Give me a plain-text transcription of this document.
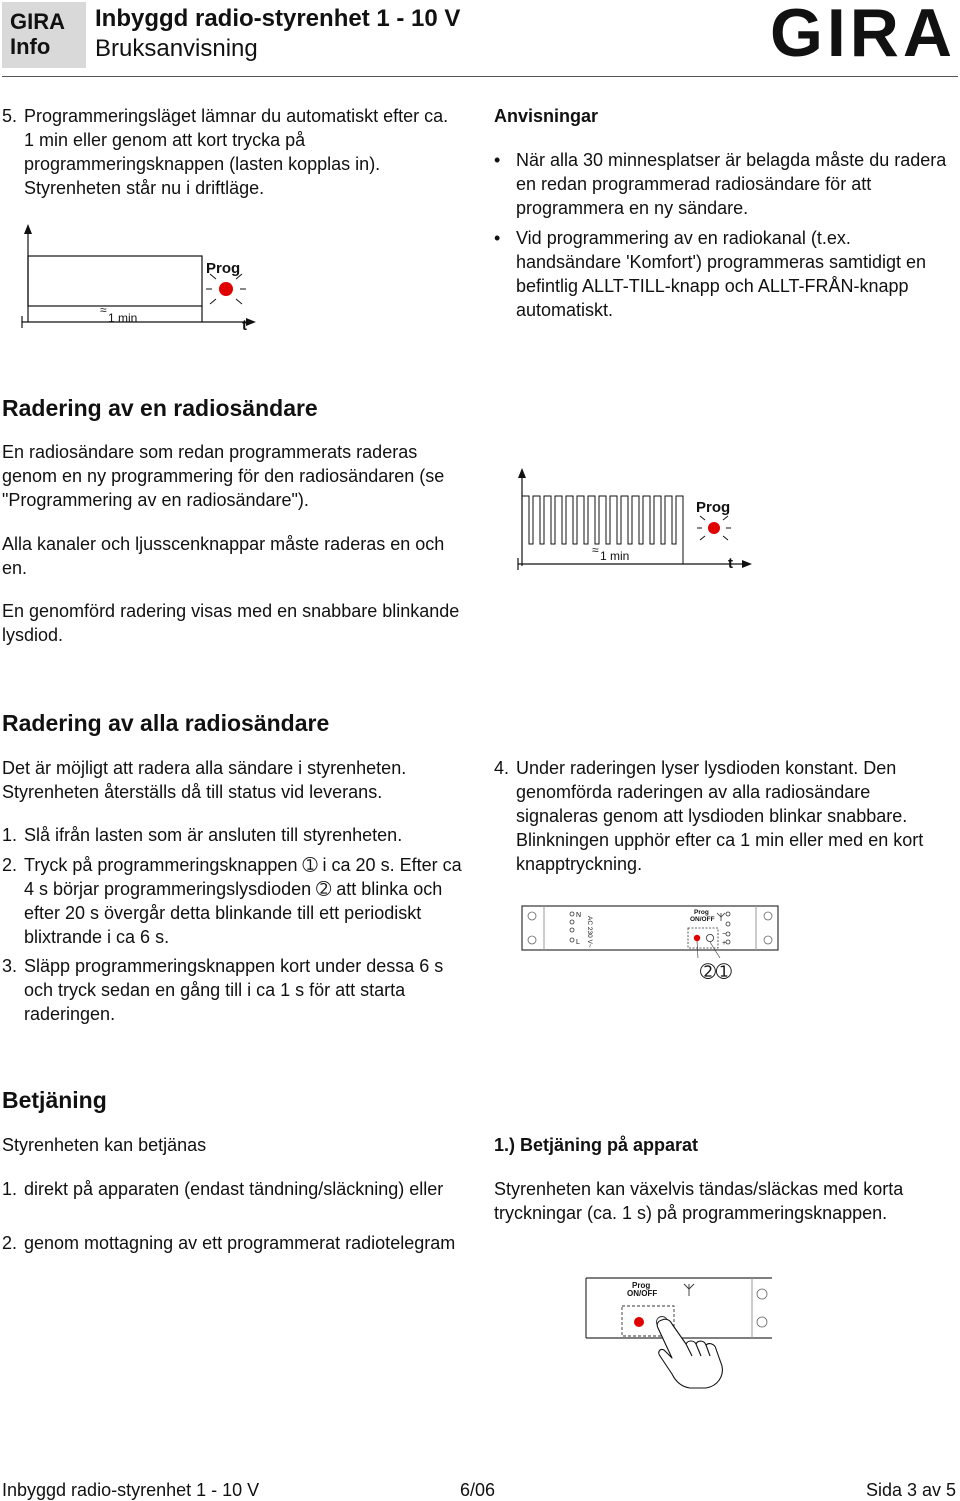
GIRA
Info
Inbyggd radio-styrenhet 1 - 10 V
Bruksanvisning	GIRA
5. Programmeringsläget lämnar du automatiskt efter ca. 1 min eller genom att kort trycka på programmeringsknappen (lasten kopplas in). Styrenheten står nu i driftläge.
≈
1 min
Prog
t
Anvisningar
• När alla 30 minnesplatser är belagda måste du radera en redan programmerad radiosändare för att programmera en ny sändare.
• Vid programmering av en radiokanal (t.ex. handsändare 'Komfort') programmeras samtidigt en befintlig ALLT-TILL-knapp och ALLT-FRÅN-knapp automatiskt.
Radering av en radiosändare
En radiosändare som redan programmerats raderas genom en ny programmering för den radiosändaren (se "Programmering av en radiosändare").
Alla kanaler och ljusscenknappar måste raderas en och en.
En genomförd radering visas med en snabbare blinkande lysdiod.
≈ 1 min
Prog
t
Radering av alla radiosändare
Det är möjligt att radera alla sändare i styrenheten. Styrenheten återställs då till status vid leverans.
1. Slå ifrån lasten som är ansluten till styrenheten.
2. Tryck på programmeringsknappen ➀ i ca 20 s. Efter ca 4 s börjar programmeringslysdioden ➁ att blinka och efter 20 s övergår detta blinkande till ett periodiskt blixtrande i ca 6 s.
3. Släpp programmeringsknappen kort under dessa 6 s och tryck sedan en gång till i ca 1 s för att starta raderingen.
4. Under raderingen lyser lysdioden konstant. Den genomförda raderingen av alla radiosändare signaleras genom att lysdioden blinkar snabbare. Blinkningen upphör efter ca 1 min eller med en kort knapptryckning.
N
L AC 230 V~
Prog
ON/OFF
−
+
➁➀
Betjäning
Styrenheten kan betjänas
1. direkt på apparaten (endast tändning/släckning) eller
2. genom mottagning av ett programmerat radiotelegram
1.) Betjäning på apparat
Styrenheten kan växelvis tändas/släckas med korta tryckningar (ca. 1 s) på programmeringsknappen.
Prog
ON/OFF
Inbyggd radio-styrenhet 1 - 10 V	6/06	Sida 3 av 5
